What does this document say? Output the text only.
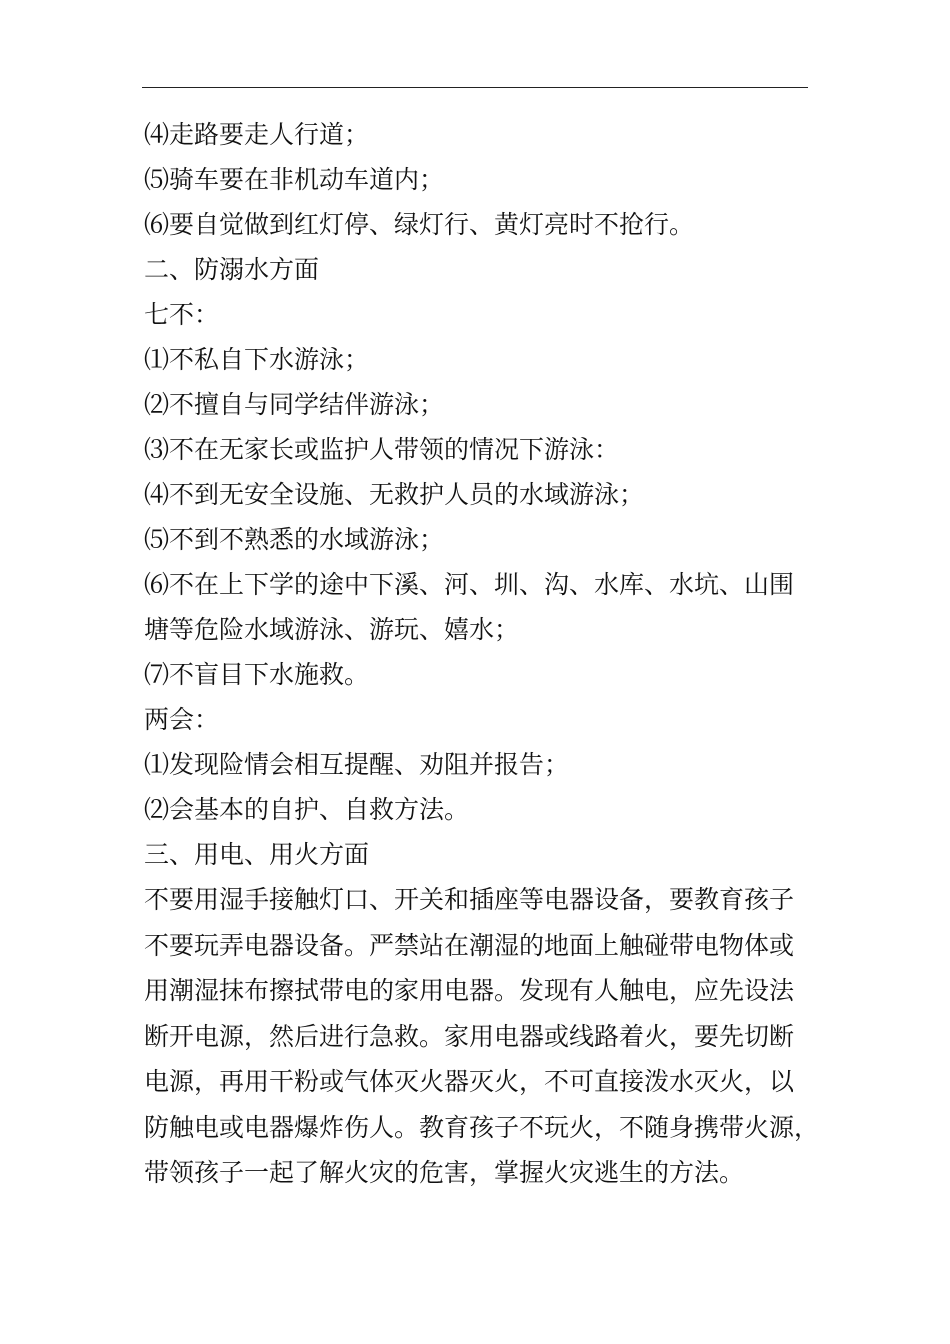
⑷走路要走人行道；
⑸骑车要在非机动车道内；
⑹要自觉做到红灯停、绿灯行、黄灯亮时不抢行。
二、防溺水方面
七不：
⑴不私自下水游泳；
⑵不擅自与同学结伴游泳；
⑶不在无家长或监护人带领的情况下游泳：
⑷不到无安全设施、无救护人员的水域游泳；
⑸不到不熟悉的水域游泳；
⑹不在上下学的途中下溪、河、圳、沟、水库、水坑、山围
塘等危险水域游泳、游玩、嬉水；
⑺不盲目下水施救。
两会：
⑴发现险情会相互提醒、劝阻并报告；
⑵会基本的自护、自救方法。
三、用电、用火方面
不要用湿手接触灯口、开关和插座等电器设备，要教育孩子
不要玩弄电器设备。严禁站在潮湿的地面上触碰带电物体或
用潮湿抹布擦拭带电的家用电器。发现有人触电，应先设法
断开电源，然后进行急救。家用电器或线路着火，要先切断
电源，再用干粉或气体灭火器灭火，不可直接泼水灭火，以
防触电或电器爆炸伤人。教育孩子不玩火，不随身携带火源，
带领孩子一起了解火灾的危害，掌握火灾逃生的方法。
